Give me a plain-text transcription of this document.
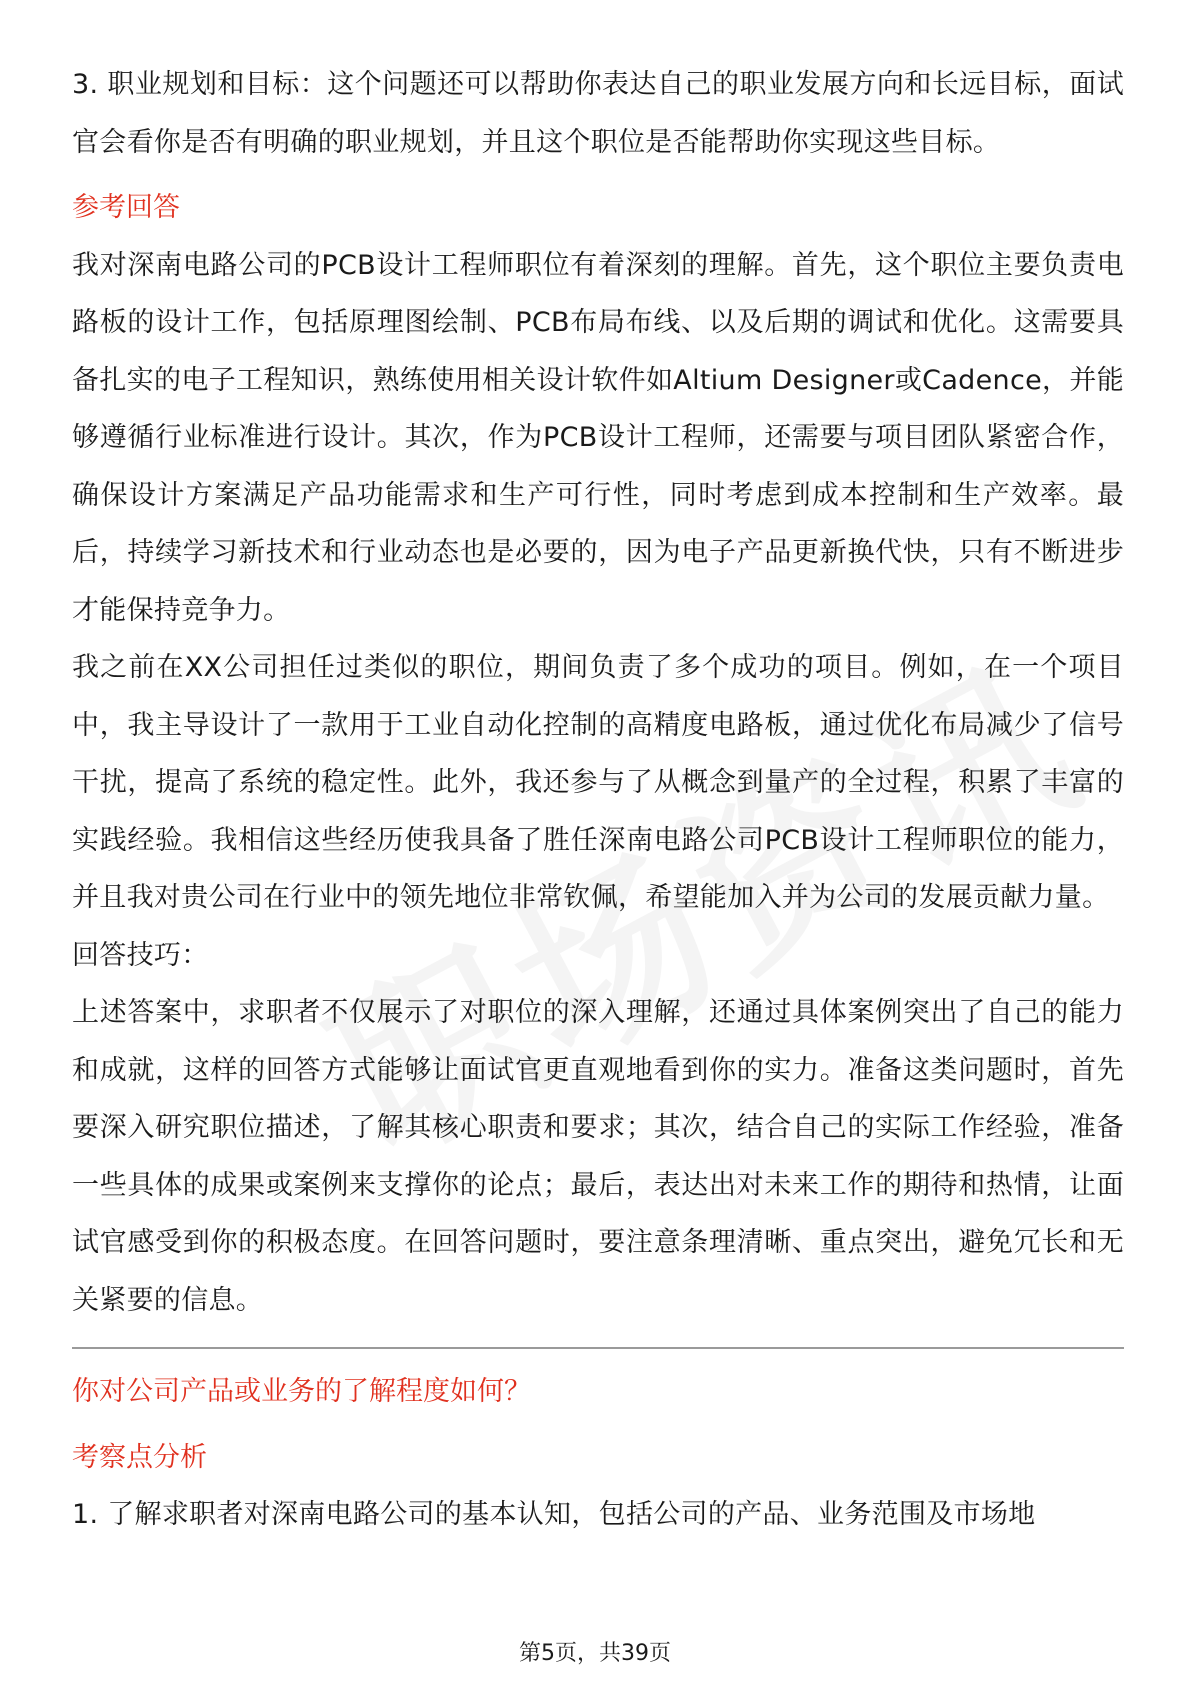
3. 职业规划和目标：这个问题还可以帮助你表达自己的职业发展方向和长远目标，面试官会看你是否有明确的职业规划，并且这个职位是否能帮助你实现这些目标。

参考回答

我对深南电路公司的PCB设计工程师职位有着深刻的理解。首先，这个职位主要负责电路板的设计工作，包括原理图绘制、PCB布局布线、以及后期的调试和优化。这需要具备扎实的电子工程知识，熟练使用相关设计软件如Altium Designer或Cadence，并能够遵循行业标准进行设计。其次，作为PCB设计工程师，还需要与项目团队紧密合作，确保设计方案满足产品功能需求和生产可行性，同时考虑到成本控制和生产效率。最后，持续学习新技术和行业动态也是必要的，因为电子产品更新换代快，只有不断进步才能保持竞争力。

我之前在XX公司担任过类似的职位，期间负责了多个成功的项目。例如，在一个项目中，我主导设计了一款用于工业自动化控制的高精度电路板，通过优化布局减少了信号干扰，提高了系统的稳定性。此外，我还参与了从概念到量产的全过程，积累了丰富的实践经验。我相信这些经历使我具备了胜任深南电路公司PCB设计工程师职位的能力，并且我对贵公司在行业中的领先地位非常钦佩，希望能加入并为公司的发展贡献力量。

回答技巧：

上述答案中，求职者不仅展示了对职位的深入理解，还通过具体案例突出了自己的能力和成就，这样的回答方式能够让面试官更直观地看到你的实力。准备这类问题时，首先要深入研究职位描述，了解其核心职责和要求；其次，结合自己的实际工作经验，准备一些具体的成果或案例来支撑你的论点；最后，表达出对未来工作的期待和热情，让面试官感受到你的积极态度。在回答问题时，要注意条理清晰、重点突出，避免冗长和无关紧要的信息。

你对公司产品或业务的了解程度如何？
考察点分析

1. 了解求职者对深南电路公司的基本认知，包括公司的产品、业务范围及市场地

第5页，共39页
